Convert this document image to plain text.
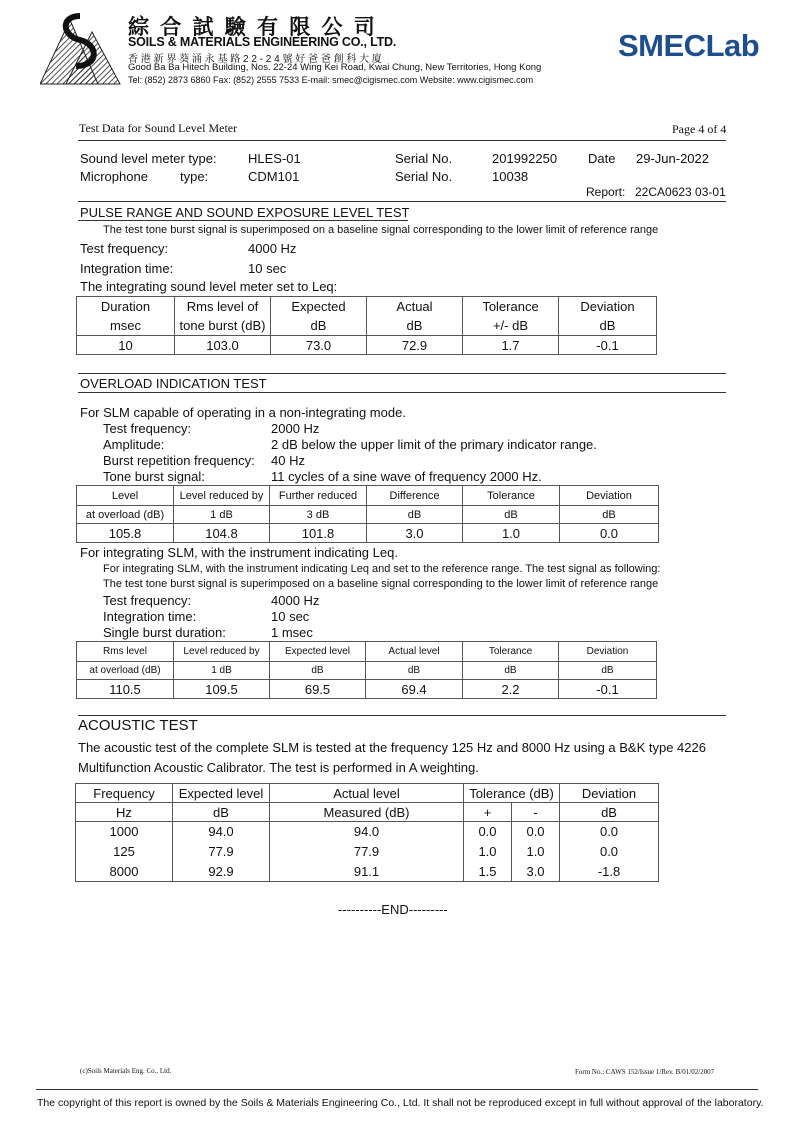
綜 合 試 驗 有 限 公 司
SOILS & MATERIALS ENGINEERING CO., LTD.
香 港 新 界 葵 涌 永 基 路 2 2 - 2 4 號 好 爸 爸 創 科 大 廈
Good Ba Ba Hitech Building, Nos. 22-24 Wing Kei Road, Kwai Chung, New Territories, Hong Kong
Tel: (852) 2873 6860 Fax: (852) 2555 7533 E-mail: smec@cigismec.com Website: www.cigismec.com
SMECLab
Test Data for Sound Level Meter	Page 4 of 4
Sound level meter type: HLES-01	Serial No.	201992250 Date 29-Jun-2022
Microphone type:	CDM101	Serial No.	10038
Report: 22CA0623 03-01
PULSE RANGE AND SOUND EXPOSURE LEVEL TEST
The test tone burst signal is superimposed on a baseline signal corresponding to the lower limit of reference range
Test frequency:	4000 Hz
Integration time:	10 sec
The integrating sound level meter set to Leq:
Duration	Rms level of	Expected	Actual	Tolerance	Deviation
msec	tone burst (dB)	dB	dB	+/- dB	dB
10	103.0	73.0	72.9	1.7	-0.1
OVERLOAD INDICATION TEST
For SLM capable of operating in a non-integrating mode.
Test frequency:	2000 Hz
Amplitude:	2 dB below the upper limit of the primary indicator range.
Burst repetition frequency: 40 Hz
Tone burst signal:	11 cycles of a sine wave of frequency 2000 Hz.
Level	Level reduced by	Further reduced	Difference	Tolerance	Deviation
at overload (dB)	1 dB	3 dB	dB	dB	dB
105.8	104.8	101.8	3.0	1.0	0.0
For integrating SLM, with the instrument indicating Leq.
For integrating SLM, with the instrument indicating Leq and set to the reference range. The test signal as following:
The test tone burst signal is superimposed on a baseline signal corresponding to the lower limit of reference range
Test frequency:	4000 Hz
Integration time:	10 sec
Single burst duration:	1 msec
Rms level	Level reduced by	Expected level	Actual level	Tolerance	Deviation
at overload (dB)	1 dB	dB	dB	dB	dB
110.5	109.5	69.5	69.4	2.2	-0.1
ACOUSTIC TEST
The acoustic test of the complete SLM is tested at the frequency 125 Hz and 8000 Hz using a B&K type 4226
Multifunction Acoustic Calibrator. The test is performed in A weighting.
Frequency	Expected level	Actual level	Tolerance (dB)		Deviation
Hz	dB	Measured (dB)	+	-	dB
1000	94.0	94.0	0.0	0.0	0.0
125	77.9	77.9	1.0	1.0	0.0
8000	92.9	91.1	1.5	3.0	-1.8
----------END---------
(c)Soils Materials Eng. Co., Ltd.	Form No.: CAWS 152/Issue 1/Rev. B/01/02/2007
The copyright of this report is owned by the Soils & Materials Engineering Co., Ltd. It shall not be reproduced except in full without approval of the laboratory.
